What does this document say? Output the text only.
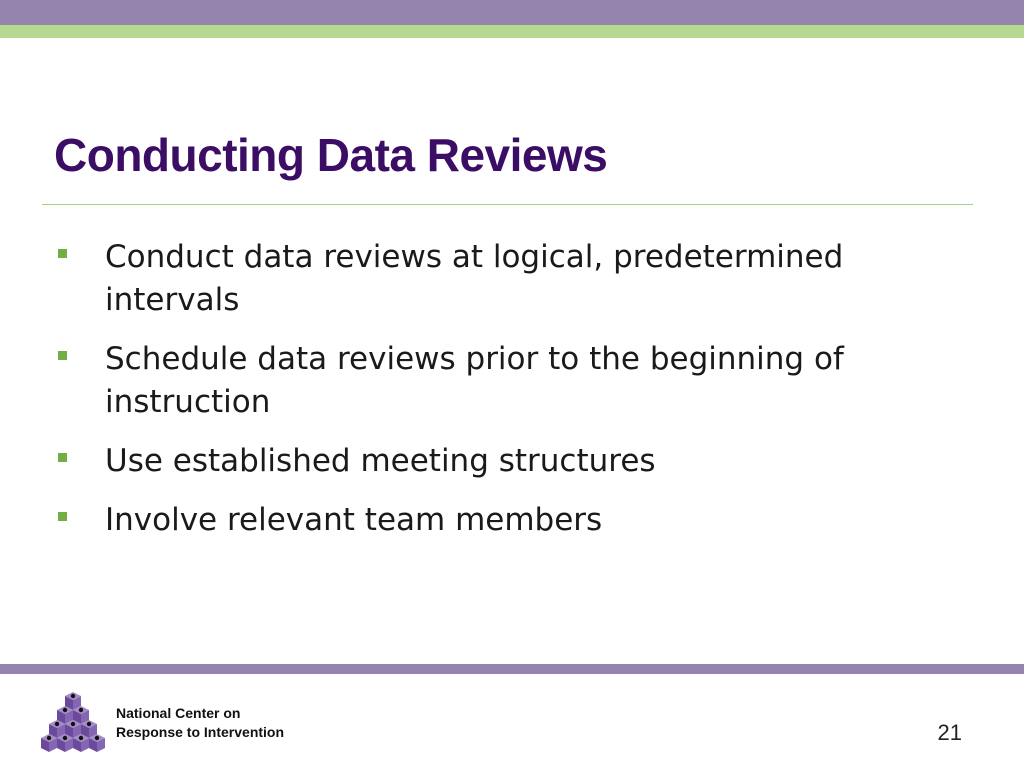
Conducting Data Reviews
Conduct data reviews at logical, predetermined intervals
Schedule data reviews prior to the beginning of instruction
Use established meeting structures
Involve relevant team members

National Center on
Response to Intervention	21
